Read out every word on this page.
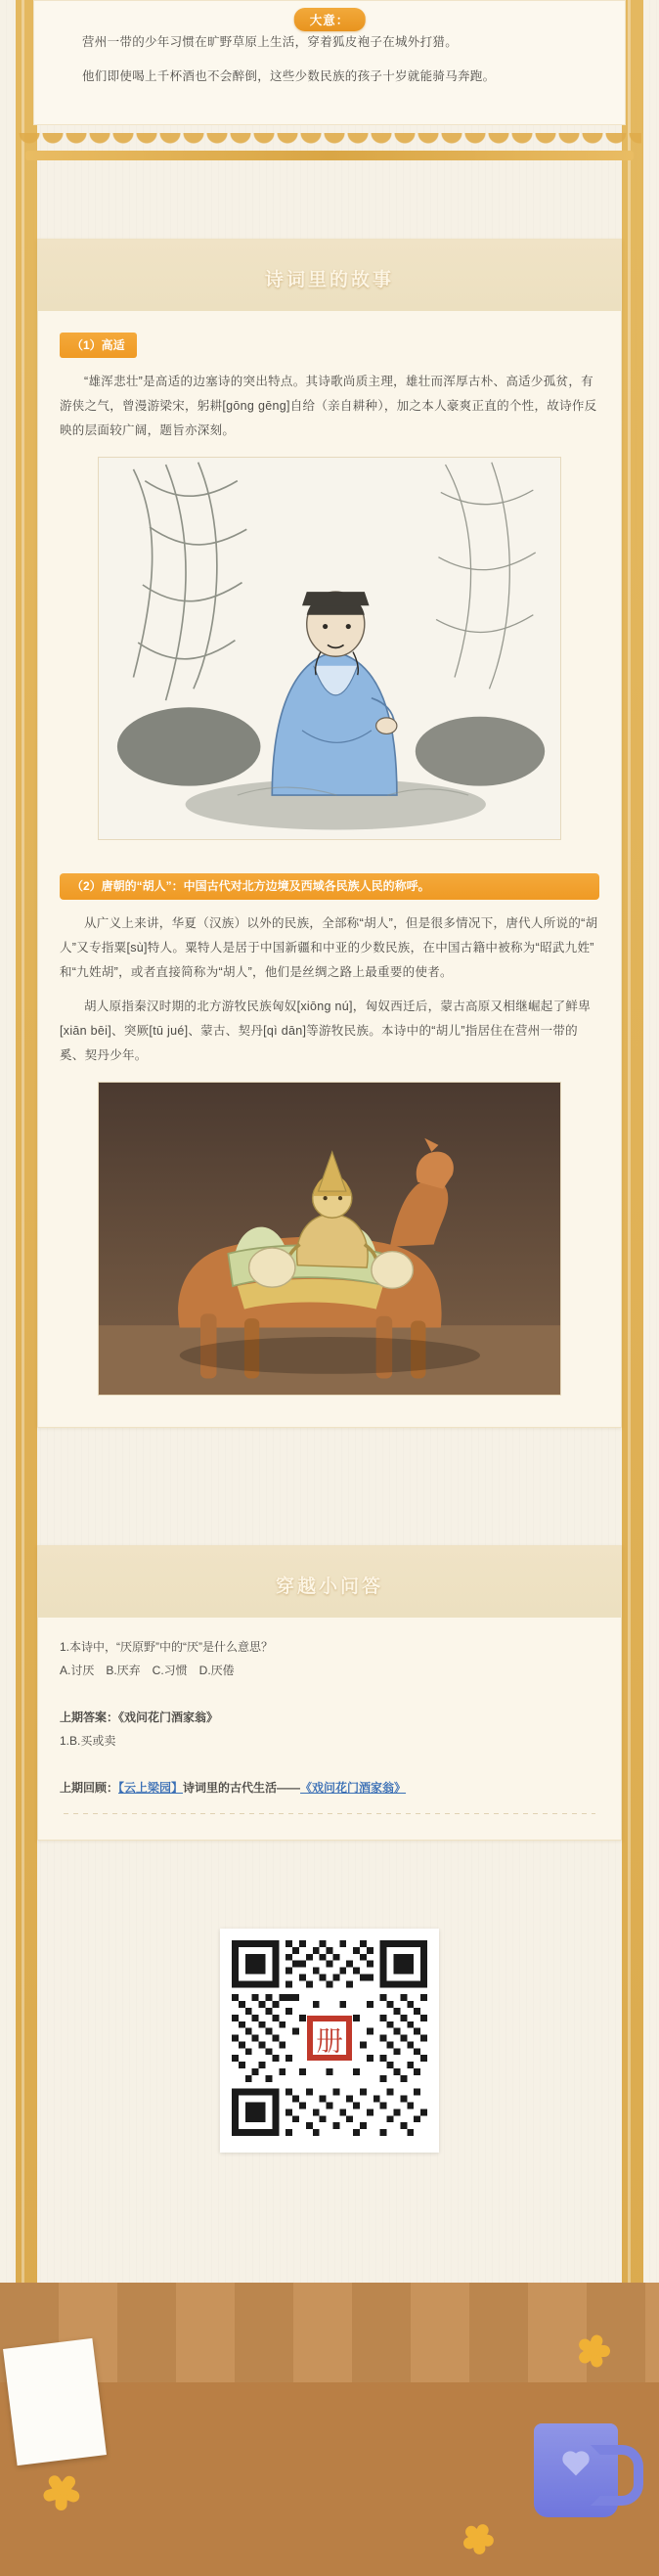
大意：

营州一带的少年习惯在旷野草原上生活，穿着狐皮袍子在城外打猎。

他们即使喝上千杯酒也不会醉倒，这些少数民族的孩子十岁就能骑马奔跑。

诗词里的故事
（1）高适

“雄浑悲壮”是高适的边塞诗的突出特点。其诗歌尚质主理，雄壮而浑厚古朴、高适少孤贫，有游侠之气，曾漫游梁宋，躬耕[gōng gēng]自给（亲自耕种），加之本人豪爽正直的个性，故诗作反映的层面较广阔，题旨亦深刻。

（2）唐朝的“胡人”：中国古代对北方边境及西域各民族人民的称呼。

从广义上来讲，华夏（汉族）以外的民族，全部称“胡人”，但是很多情况下，唐代人所说的“胡人”又专指粟[sù]特人。粟特人是居于中国新疆和中亚的少数民族，在中国古籍中被称为“昭武九姓”和“九姓胡”，或者直接简称为“胡人”，他们是丝绸之路上最重要的使者。

胡人原指秦汉时期的北方游牧民族匈奴[xiōng nú]，匈奴西迁后，蒙古高原又相继崛起了鲜卑[xiān bēi]、突厥[tū jué]、蒙古、契丹[qì dān]等游牧民族。本诗中的“胡儿”指居住在营州一带的奚、契丹少年。

穿越小问答

1.本诗中，“厌原野”中的“厌”是什么意思？

A.讨厌　B.厌弃　C.习惯　D.厌倦

上期答案：《戏问花门酒家翁》

1.B.买或卖

上期回顾：【云上梁园】诗词里的古代生活——《戏问花门酒家翁》

册
